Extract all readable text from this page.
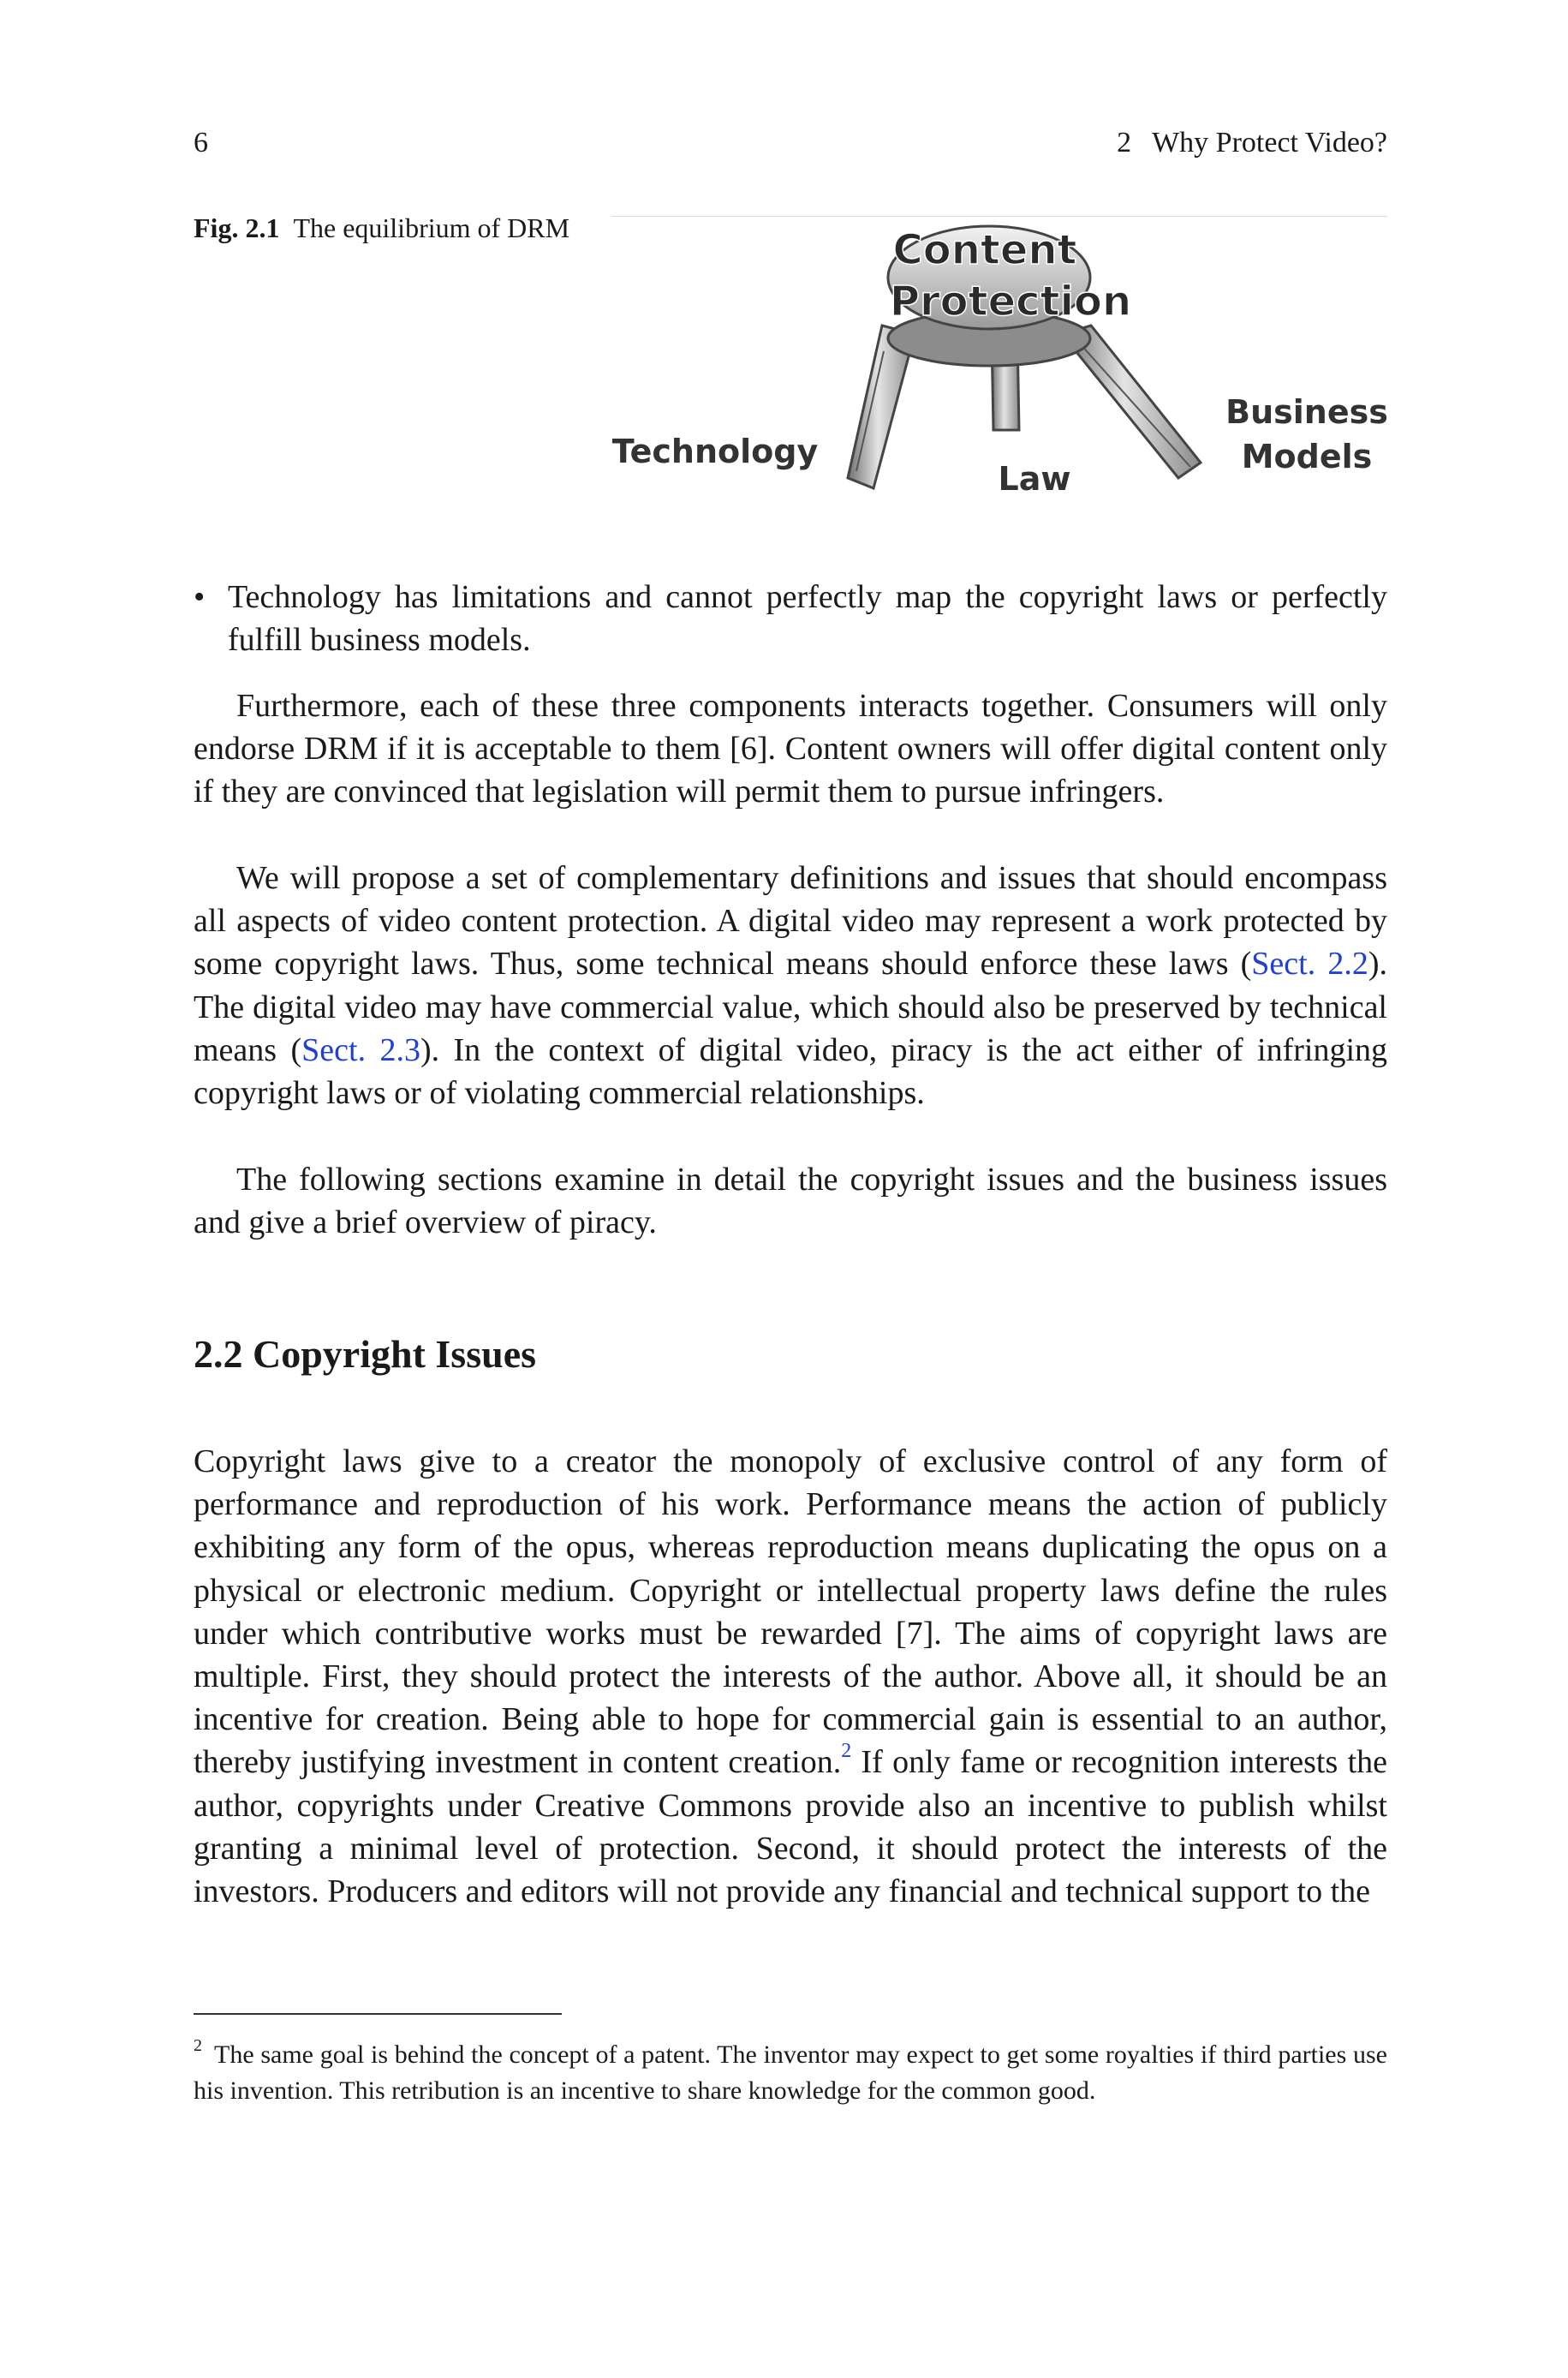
6	2 Why Protect Video?
Fig. 2.1 The equilibrium of DRM	Content
Protection
Technology
Law
Business
Models

• Technology has limitations and cannot perfectly map the copyright laws or perfectly fulfill business models.

Furthermore, each of these three components interacts together. Consumers will only endorse DRM if it is acceptable to them [6]. Content owners will offer digital content only if they are convinced that legislation will permit them to pursue infringers.

We will propose a set of complementary definitions and issues that should encompass all aspects of video content protection. A digital video may represent a work protected by some copyright laws. Thus, some technical means should enforce these laws (Sect. 2.2). The digital video may have commercial value, which should also be preserved by technical means (Sect. 2.3). In the context of digital video, piracy is the act either of infringing copyright laws or of violating commercial relationships.

The following sections examine in detail the copyright issues and the business issues and give a brief overview of piracy.

2.2 Copyright Issues

Copyright laws give to a creator the monopoly of exclusive control of any form of performance and reproduction of his work. Performance means the action of publicly exhibiting any form of the opus, whereas reproduction means duplicating the opus on a physical or electronic medium. Copyright or intellectual property laws define the rules under which contributive works must be rewarded [7]. The aims of copyright laws are multiple. First, they should protect the interests of the author. Above all, it should be an incentive for creation. Being able to hope for commercial gain is essential to an author, thereby justifying investment in content creation.$^2$ If only fame or recognition interests the author, copyrights under Creative Commons provide also an incentive to publish whilst granting a minimal level of protection. Second, it should protect the interests of the investors. Producers and editors will not provide any financial and technical support to the

$^2$ The same goal is behind the concept of a patent. The inventor may expect to get some royalties if third parties use his invention. This retribution is an incentive to share knowledge for the common good.
